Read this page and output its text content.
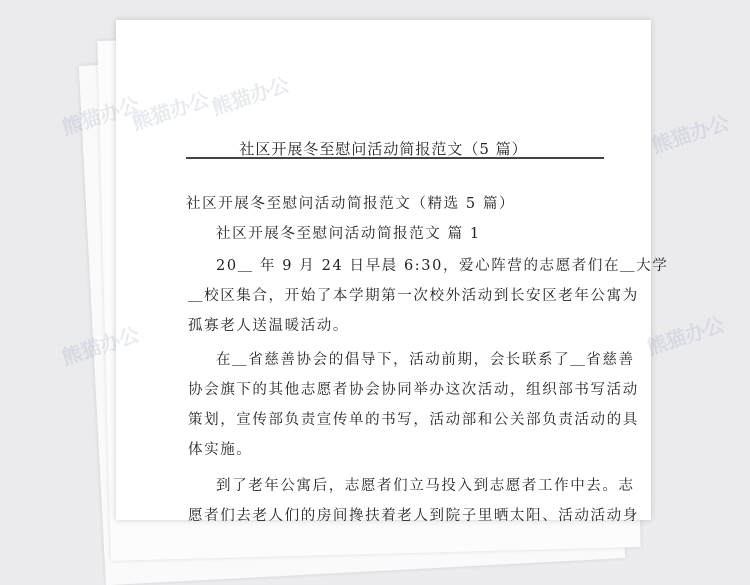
社区开展冬至慰问活动简报范文（5 篇）
社区开展冬至慰问活动简报范文（精选 5 篇）
社区开展冬至慰问活动简报范文 篇 1
20＿ 年 9 月 24 日早晨 6:30，爱心阵营的志愿者们在＿大学
＿校区集合，开始了本学期第一次校外活动到长安区老年公寓为
孤寡老人送温暖活动。
在＿省慈善协会的倡导下，活动前期，会长联系了＿省慈善
协会旗下的其他志愿者协会协同举办这次活动，组织部书写活动
策划，宣传部负责宣传单的书写，活动部和公关部负责活动的具
体实施。
到了老年公寓后，志愿者们立马投入到志愿者工作中去。志
愿者们去老人们的房间搀扶着老人到院子里晒太阳、活动活动身
熊猫办公
熊猫办公
